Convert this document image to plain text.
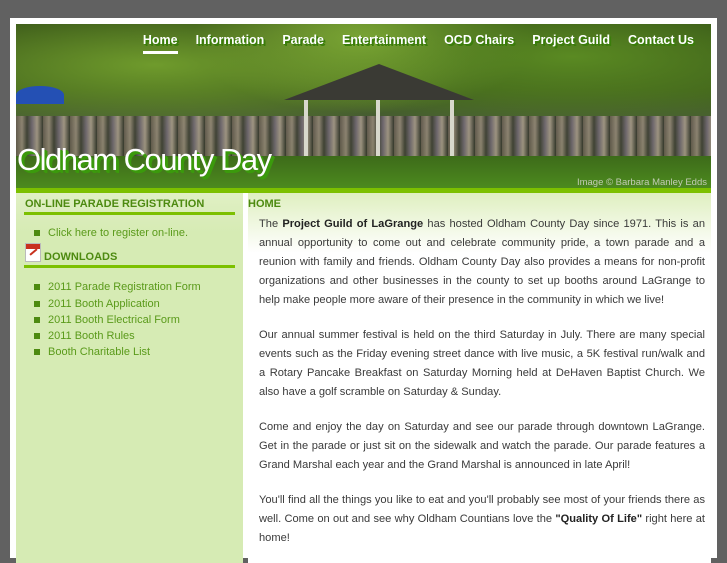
Home	Information	Parade	Entertainment	OCD Chairs	Project Guild	Contact Us
Oldham County Day
Image © Barbara Manley Edds
ON-LINE PARADE REGISTRATION
Click here to register on-line.
DOWNLOADS
2011 Parade Registration Form
2011 Booth Application
2011 Booth Electrical Form
2011 Booth Rules
Booth Charitable List
HOME

The Project Guild of LaGrange has hosted Oldham County Day since 1971. This is an annual opportunity to come out and celebrate community pride, a town parade and a reunion with family and friends. Oldham County Day also provides a means for non-profit organizations and other businesses in the county to set up booths around LaGrange to help make people more aware of their presence in the community in which we live!

Our annual summer festival is held on the third Saturday in July. There are many special events such as the Friday evening street dance with live music, a 5K festival run/walk and a Rotary Pancake Breakfast on Saturday Morning held at DeHaven Baptist Church. We also have a golf scramble on Saturday & Sunday.

Come and enjoy the day on Saturday and see our parade through downtown LaGrange. Get in the parade or just sit on the sidewalk and watch the parade. Our parade features a Grand Marshal each year and the Grand Marshal is announced in late April!

You'll find all the things you like to eat and you'll probably see most of your friends there as well. Come on out and see why Oldham Countians love the "Quality Of Life" right here at home!
